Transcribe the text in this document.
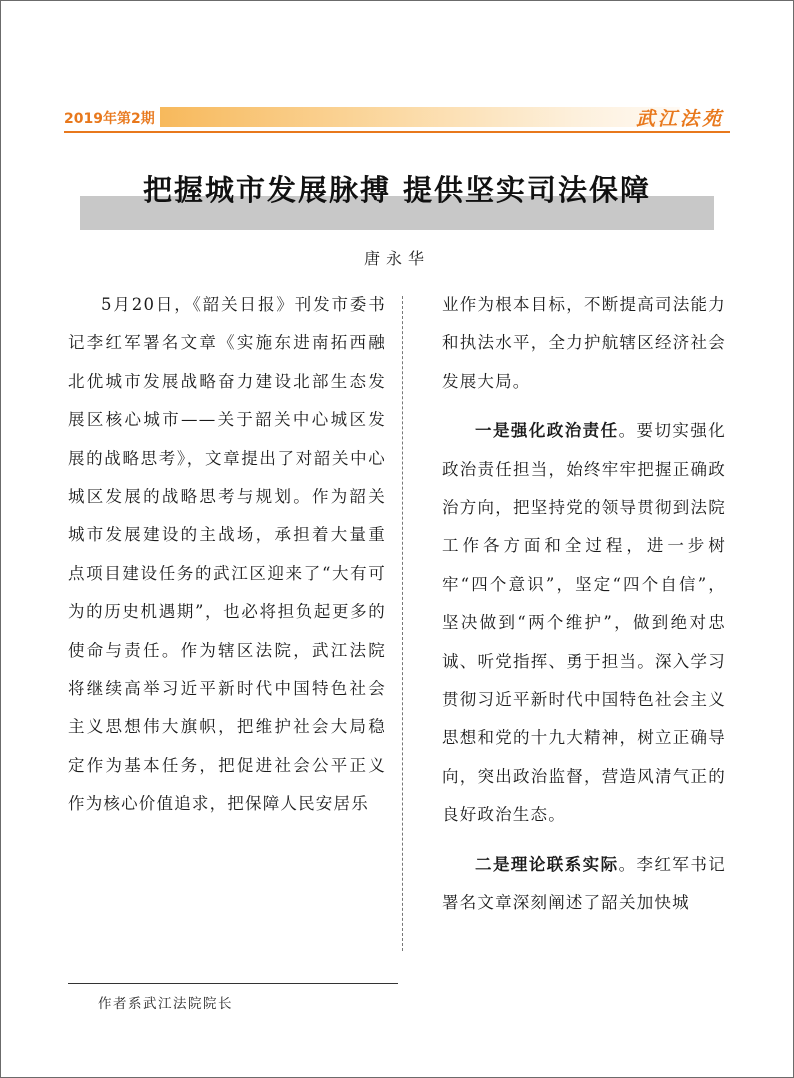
2019年第2期	武江法苑
把握城市发展脉搏 提供坚实司法保障
唐永华

5月20日，《韶关日报》刊发市委书记李红军署名文章《实施东进南拓西融北优城市发展战略奋力建设北部生态发展区核心城市——关于韶关中心城区发展的战略思考》，文章提出了对韶关中心城区发展的战略思考与规划。作为韶关城市发展建设的主战场，承担着大量重点项目建设任务的武江区迎来了“大有可为的历史机遇期”，也必将担负起更多的使命与责任。作为辖区法院，武江法院将继续高举习近平新时代中国特色社会主义思想伟大旗帜，把维护社会大局稳定作为基本任务，把促进社会公平正义作为核心价值追求，把保障人民安居乐

业作为根本目标，不断提高司法能力和执法水平，全力护航辖区经济社会发展大局。

一是强化政治责任。要切实强化政治责任担当，始终牢牢把握正确政治方向，把坚持党的领导贯彻到法院工作各方面和全过程，进一步树牢“四个意识”，坚定“四个自信”，坚决做到“两个维护”，做到绝对忠诚、听党指挥、勇于担当。深入学习贯彻习近平新时代中国特色社会主义思想和党的十九大精神，树立正确导向，突出政治监督，营造风清气正的良好政治生态。

二是理论联系实际。李红军书记署名文章深刻阐述了韶关加快城

作者系武江法院院长
